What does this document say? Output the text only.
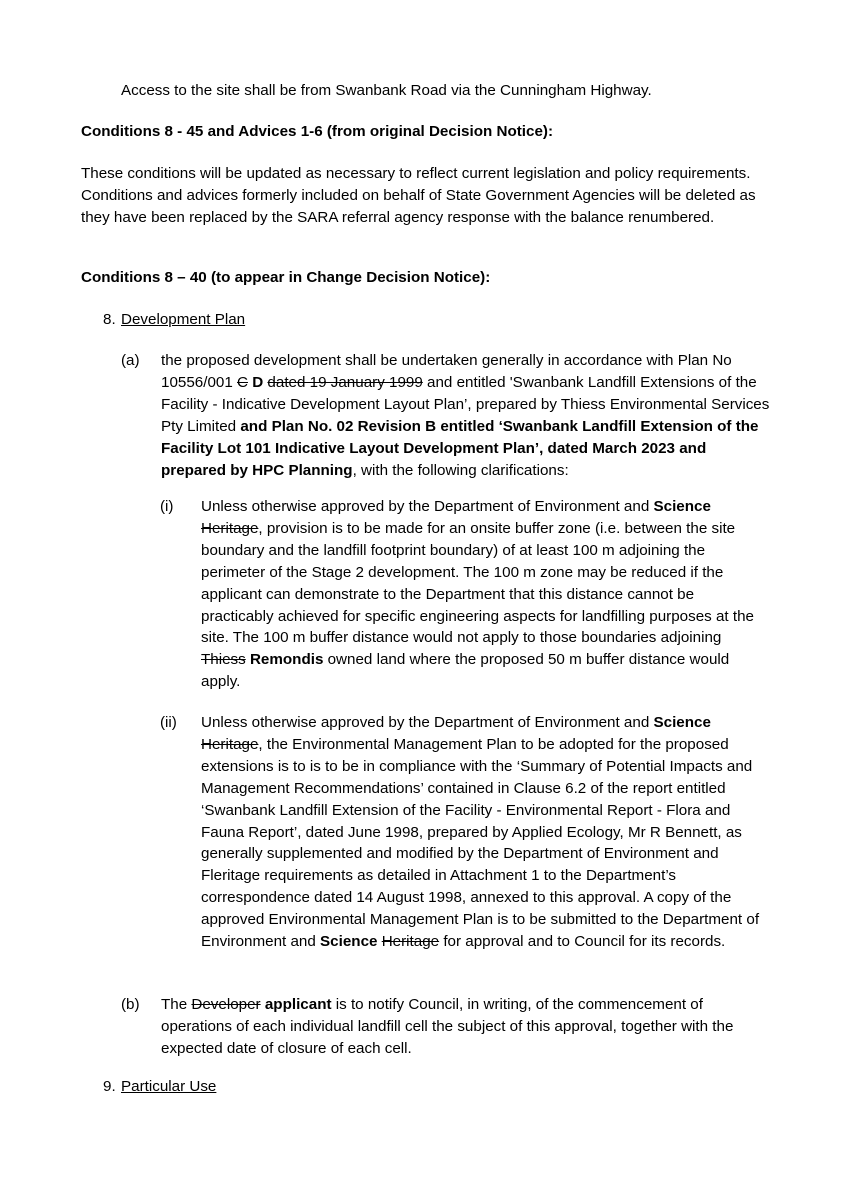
Access to the site shall be from Swanbank Road via the Cunningham Highway.

Conditions 8 - 45 and Advices 1-6 (from original Decision Notice):

These conditions will be updated as necessary to reflect current legislation and policy requirements. Conditions and advices formerly included on behalf of State Government Agencies will be deleted as they have been replaced by the SARA referral agency response with the balance renumbered.

Conditions 8 – 40 (to appear in Change Decision Notice):

8. Development Plan

(a) the proposed development shall be undertaken generally in accordance with Plan No 10556/001 C D dated 19 January 1999 and entitled 'Swanbank Landfill Extensions of the Facility - Indicative Development Layout Plan’, prepared by Thiess Environmental Services Pty Limited and Plan No. 02 Revision B entitled ‘Swanbank Landfill Extension of the Facility Lot 101 Indicative Layout Development Plan’, dated March 2023 and prepared by HPC Planning, with the following clarifications:

(i) Unless otherwise approved by the Department of Environment and Science Heritage, provision is to be made for an onsite buffer zone (i.e. between the site boundary and the landfill footprint boundary) of at least 100 m adjoining the perimeter of the Stage 2 development. The 100 m zone may be reduced if the applicant can demonstrate to the Department that this distance cannot be practicably achieved for specific engineering aspects for landfilling purposes at the site. The 100 m buffer distance would not apply to those boundaries adjoining Thiess Remondis owned land where the proposed 50 m buffer distance would apply.

(ii) Unless otherwise approved by the Department of Environment and Science Heritage, the Environmental Management Plan to be adopted for the proposed extensions is to is to be in compliance with the ‘Summary of Potential Impacts and Management Recommendations’ contained in Clause 6.2 of the report entitled ‘Swanbank Landfill Extension of the Facility - Environmental Report - Flora and Fauna Report’, dated June 1998, prepared by Applied Ecology, Mr R Bennett, as generally supplemented and modified by the Department of Environment and Fleritage requirements as detailed in Attachment 1 to the Department’s correspondence dated 14 August 1998, annexed to this approval. A copy of the approved Environmental Management Plan is to be submitted to the Department of Environment and Science Heritage for approval and to Council for its records.

(b) The Developer applicant is to notify Council, in writing, of the commencement of operations of each individual landfill cell the subject of this approval, together with the expected date of closure of each cell.

9. Particular Use
